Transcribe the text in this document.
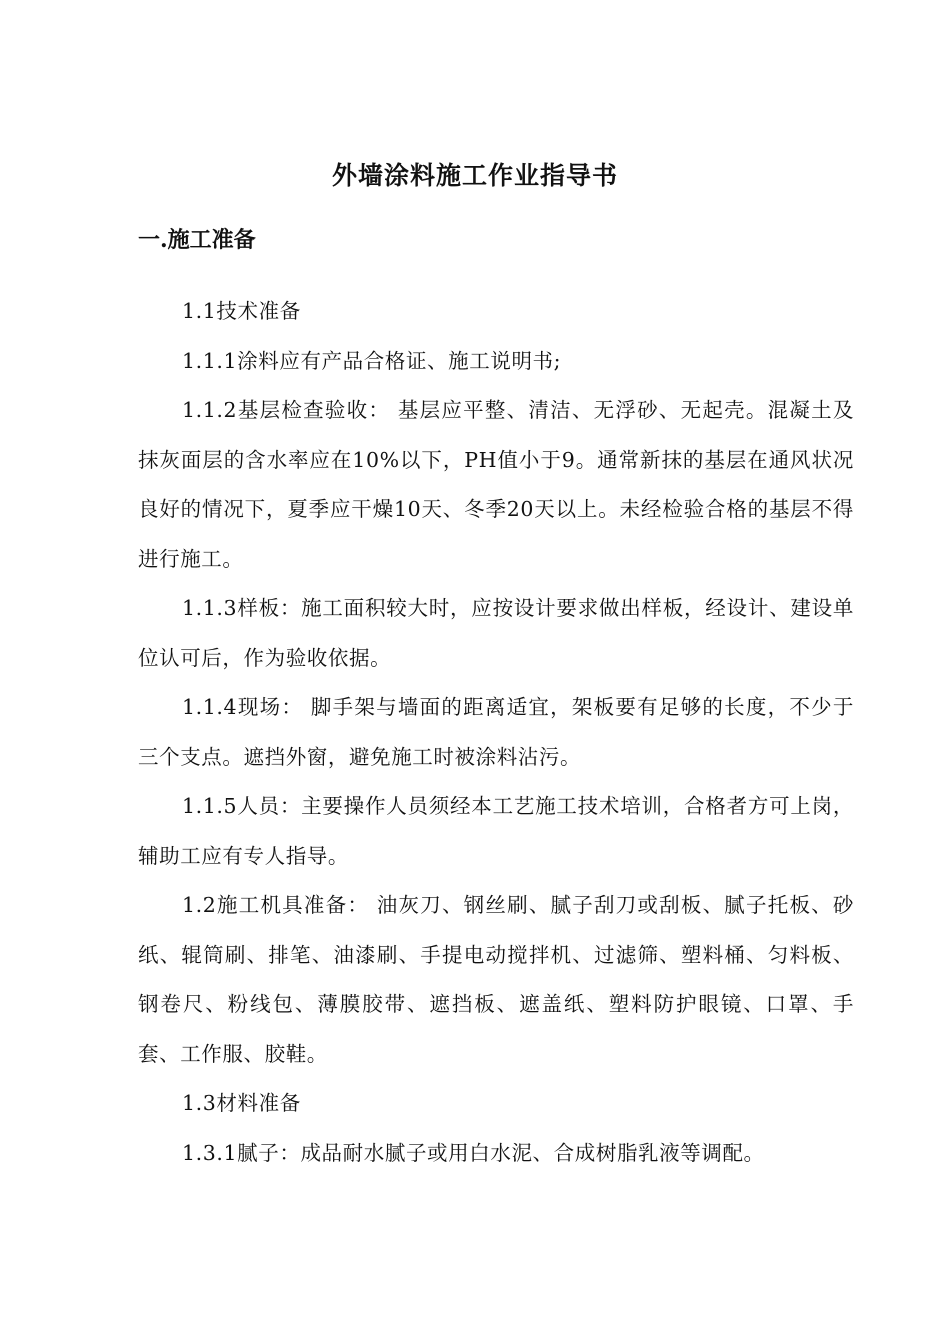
外墙涂料施工作业指导书
一.施工准备

1.1技术准备

1.1.1涂料应有产品合格证、施工说明书;

1.1.2基层检查验收： 基层应平整、清洁、无浮砂、无起壳。混凝土及抹灰面层的含水率应在10%以下，PH值小于9。通常新抹的基层在通风状况良好的情况下，夏季应干燥10天、冬季20天以上。未经检验合格的基层不得进行施工。

1.1.3样板：施工面积较大时，应按设计要求做出样板，经设计、建设单位认可后，作为验收依据。

1.1.4现场： 脚手架与墙面的距离适宜，架板要有足够的长度，不少于三个支点。遮挡外窗，避免施工时被涂料沾污。

1.1.5人员：主要操作人员须经本工艺施工技术培训，合格者方可上岗，辅助工应有专人指导。

1.2施工机具准备： 油灰刀、钢丝刷、腻子刮刀或刮板、腻子托板、砂纸、辊筒刷、排笔、油漆刷、手提电动搅拌机、过滤筛、塑料桶、匀料板、钢卷尺、粉线包、薄膜胶带、遮挡板、遮盖纸、塑料防护眼镜、口罩、手套、工作服、胶鞋。

1.3材料准备

1.3.1腻子：成品耐水腻子或用白水泥、合成树脂乳液等调配。
